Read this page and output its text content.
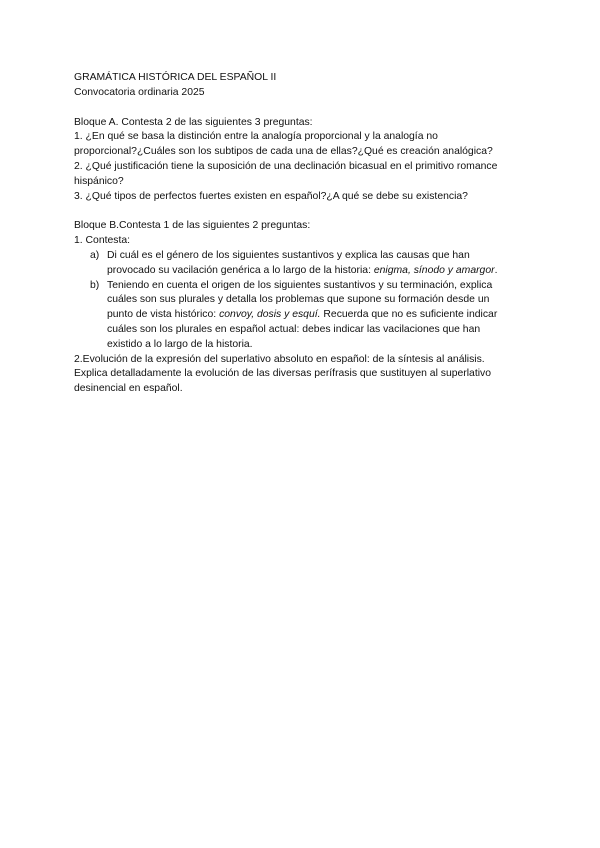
GRAMÁTICA HISTÓRICA DEL ESPAÑOL II
Convocatoria ordinaria 2025
Bloque A. Contesta 2 de las siguientes 3 preguntas:
1. ¿En qué se basa la distinción entre la analogía proporcional y la analogía no
proporcional?¿Cuáles son los subtipos de cada una de ellas?¿Qué es creación analógica?
2. ¿Qué justificación tiene la suposición de una declinación bicasual en el primitivo romance
hispánico?
3. ¿Qué tipos de perfectos fuertes existen en español?¿A qué se debe su existencia?
Bloque B.Contesta 1 de las siguientes 2 preguntas:
1. Contesta:
a) Di cuál es el género de los siguientes sustantivos y explica las causas que han
provocado su vacilación genérica a lo largo de la historia: enigma, sínodo y amargor.
b) Teniendo en cuenta el origen de los siguientes sustantivos y su terminación, explica
cuáles son sus plurales y detalla los problemas que supone su formación desde un
punto de vista histórico: convoy, dosis y esquí. Recuerda que no es suficiente indicar
cuáles son los plurales en español actual: debes indicar las vacilaciones que han
existido a lo largo de la historia.
2.Evolución de la expresión del superlativo absoluto en español: de la síntesis al análisis.
Explica detalladamente la evolución de las diversas perífrasis que sustituyen al superlativo
desinencial en español.
